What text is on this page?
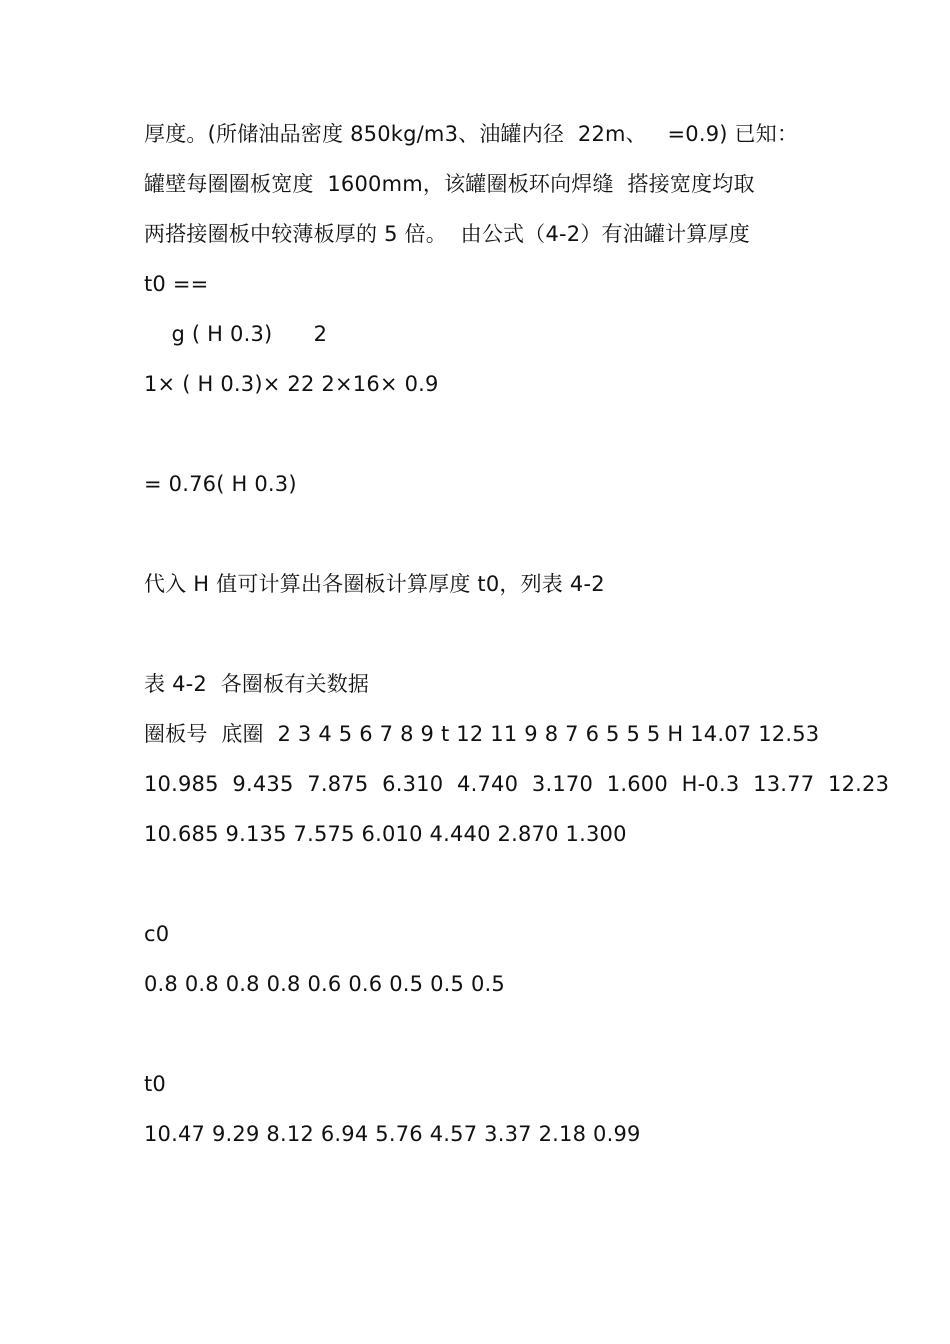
厚度。(所储油品密度 850kg/m3、油罐内径  22m、   =0.9) 已知：
罐壁每圈圈板宽度  1600mm，该罐圈板环向焊缝  搭接宽度均取
两搭接圈板中较薄板厚的 5 倍。  由公式（4-2）有油罐计算厚度
t0 ==
g ( H 0.3)      2
1× ( H 0.3)× 22 2×16× 0.9
= 0.76( H 0.3)
代入 H 值可计算出各圈板计算厚度 t0，列表 4-2
表 4-2  各圈板有关数据
圈板号  底圈  2 3 4 5 6 7 8 9 t 12 11 9 8 7 6 5 5 5 H 14.07 12.53
10.985  9.435  7.875  6.310  4.740  3.170  1.600  H-0.3  13.77  12.23
10.685 9.135 7.575 6.010 4.440 2.870 1.300
c0
0.8 0.8 0.8 0.8 0.6 0.6 0.5 0.5 0.5
t0
10.47 9.29 8.12 6.94 5.76 4.57 3.37 2.18 0.99
